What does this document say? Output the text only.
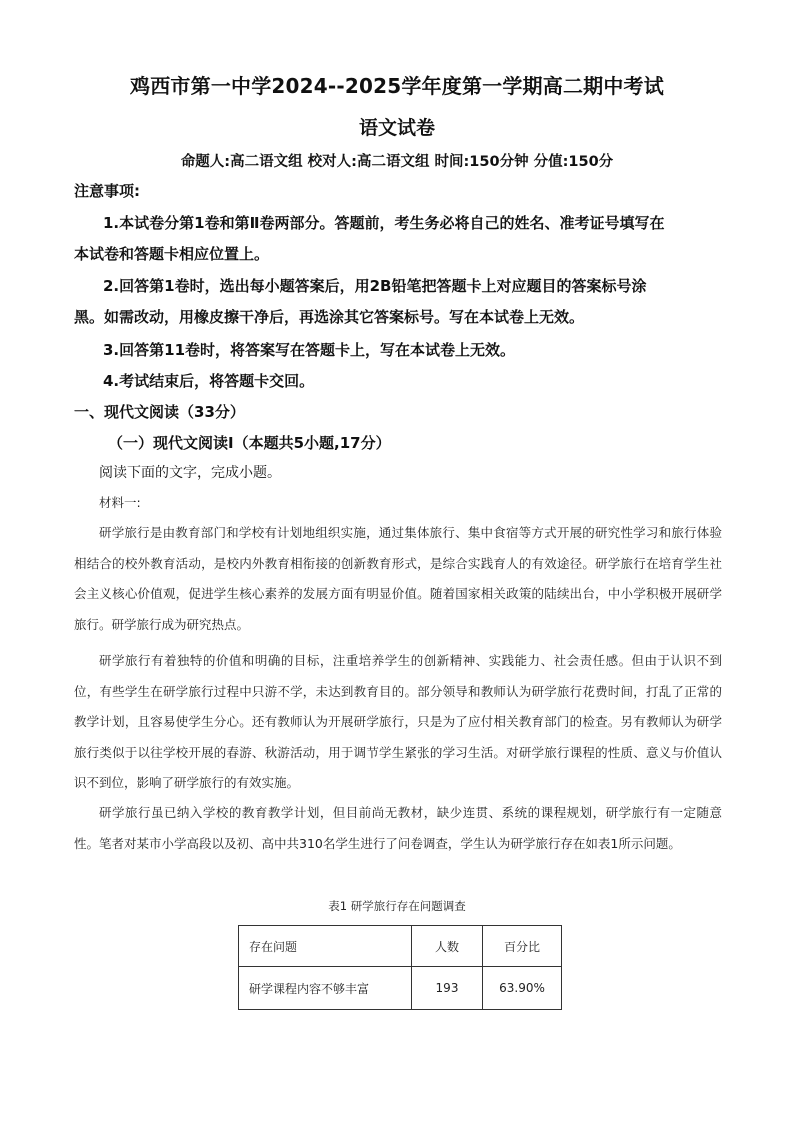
鸡西市第一中学2024--2025学年度第一学期高二期中考试
语文试卷
命题人:高二语文组 校对人:高二语文组 时间:150分钟 分值:150分
注意事项:
1.本试卷分第1卷和第Ⅱ卷两部分。答题前，考生务必将自己的姓名、准考证号填写在
本试卷和答题卡相应位置上。
2.回答第1卷时，选出每小题答案后，用2B铅笔把答题卡上对应题目的答案标号涂
黑。如需改动，用橡皮擦干净后，再选涂其它答案标号。写在本试卷上无效。
3.回答第11卷时，将答案写在答题卡上，写在本试卷上无效。
4.考试结束后，将答题卡交回。
一、现代文阅读（33分）
（一）现代文阅读Ⅰ（本题共5小题,17分）
阅读下面的文字，完成小题。
材料一:
研学旅行是由教育部门和学校有计划地组织实施，通过集体旅行、集中食宿等方式开展的研究性学习和旅行体验相结合的校外教育活动，是校内外教育相衔接的创新教育形式，是综合实践育人的有效途径。研学旅行在培育学生社会主义核心价值观，促进学生核心素养的发展方面有明显价值。随着国家相关政策的陆续出台，中小学积极开展研学旅行。研学旅行成为研究热点。
研学旅行有着独特的价值和明确的目标，注重培养学生的创新精神、实践能力、社会责任感。但由于认识不到位，有些学生在研学旅行过程中只游不学，未达到教育目的。部分领导和教师认为研学旅行花费时间，打乱了正常的教学计划，且容易使学生分心。还有教师认为开展研学旅行，只是为了应付相关教育部门的检查。另有教师认为研学旅行类似于以往学校开展的春游、秋游活动，用于调节学生紧张的学习生活。对研学旅行课程的性质、意义与价值认识不到位，影响了研学旅行的有效实施。
研学旅行虽已纳入学校的教育教学计划，但目前尚无教材，缺少连贯、系统的课程规划，研学旅行有一定随意性。笔者对某市小学高段以及初、高中共310名学生进行了问卷调查，学生认为研学旅行存在如表1所示问题。
表1 研学旅行存在问题调查
存在问题	人数	百分比
研学课程内容不够丰富	193	63.90%
